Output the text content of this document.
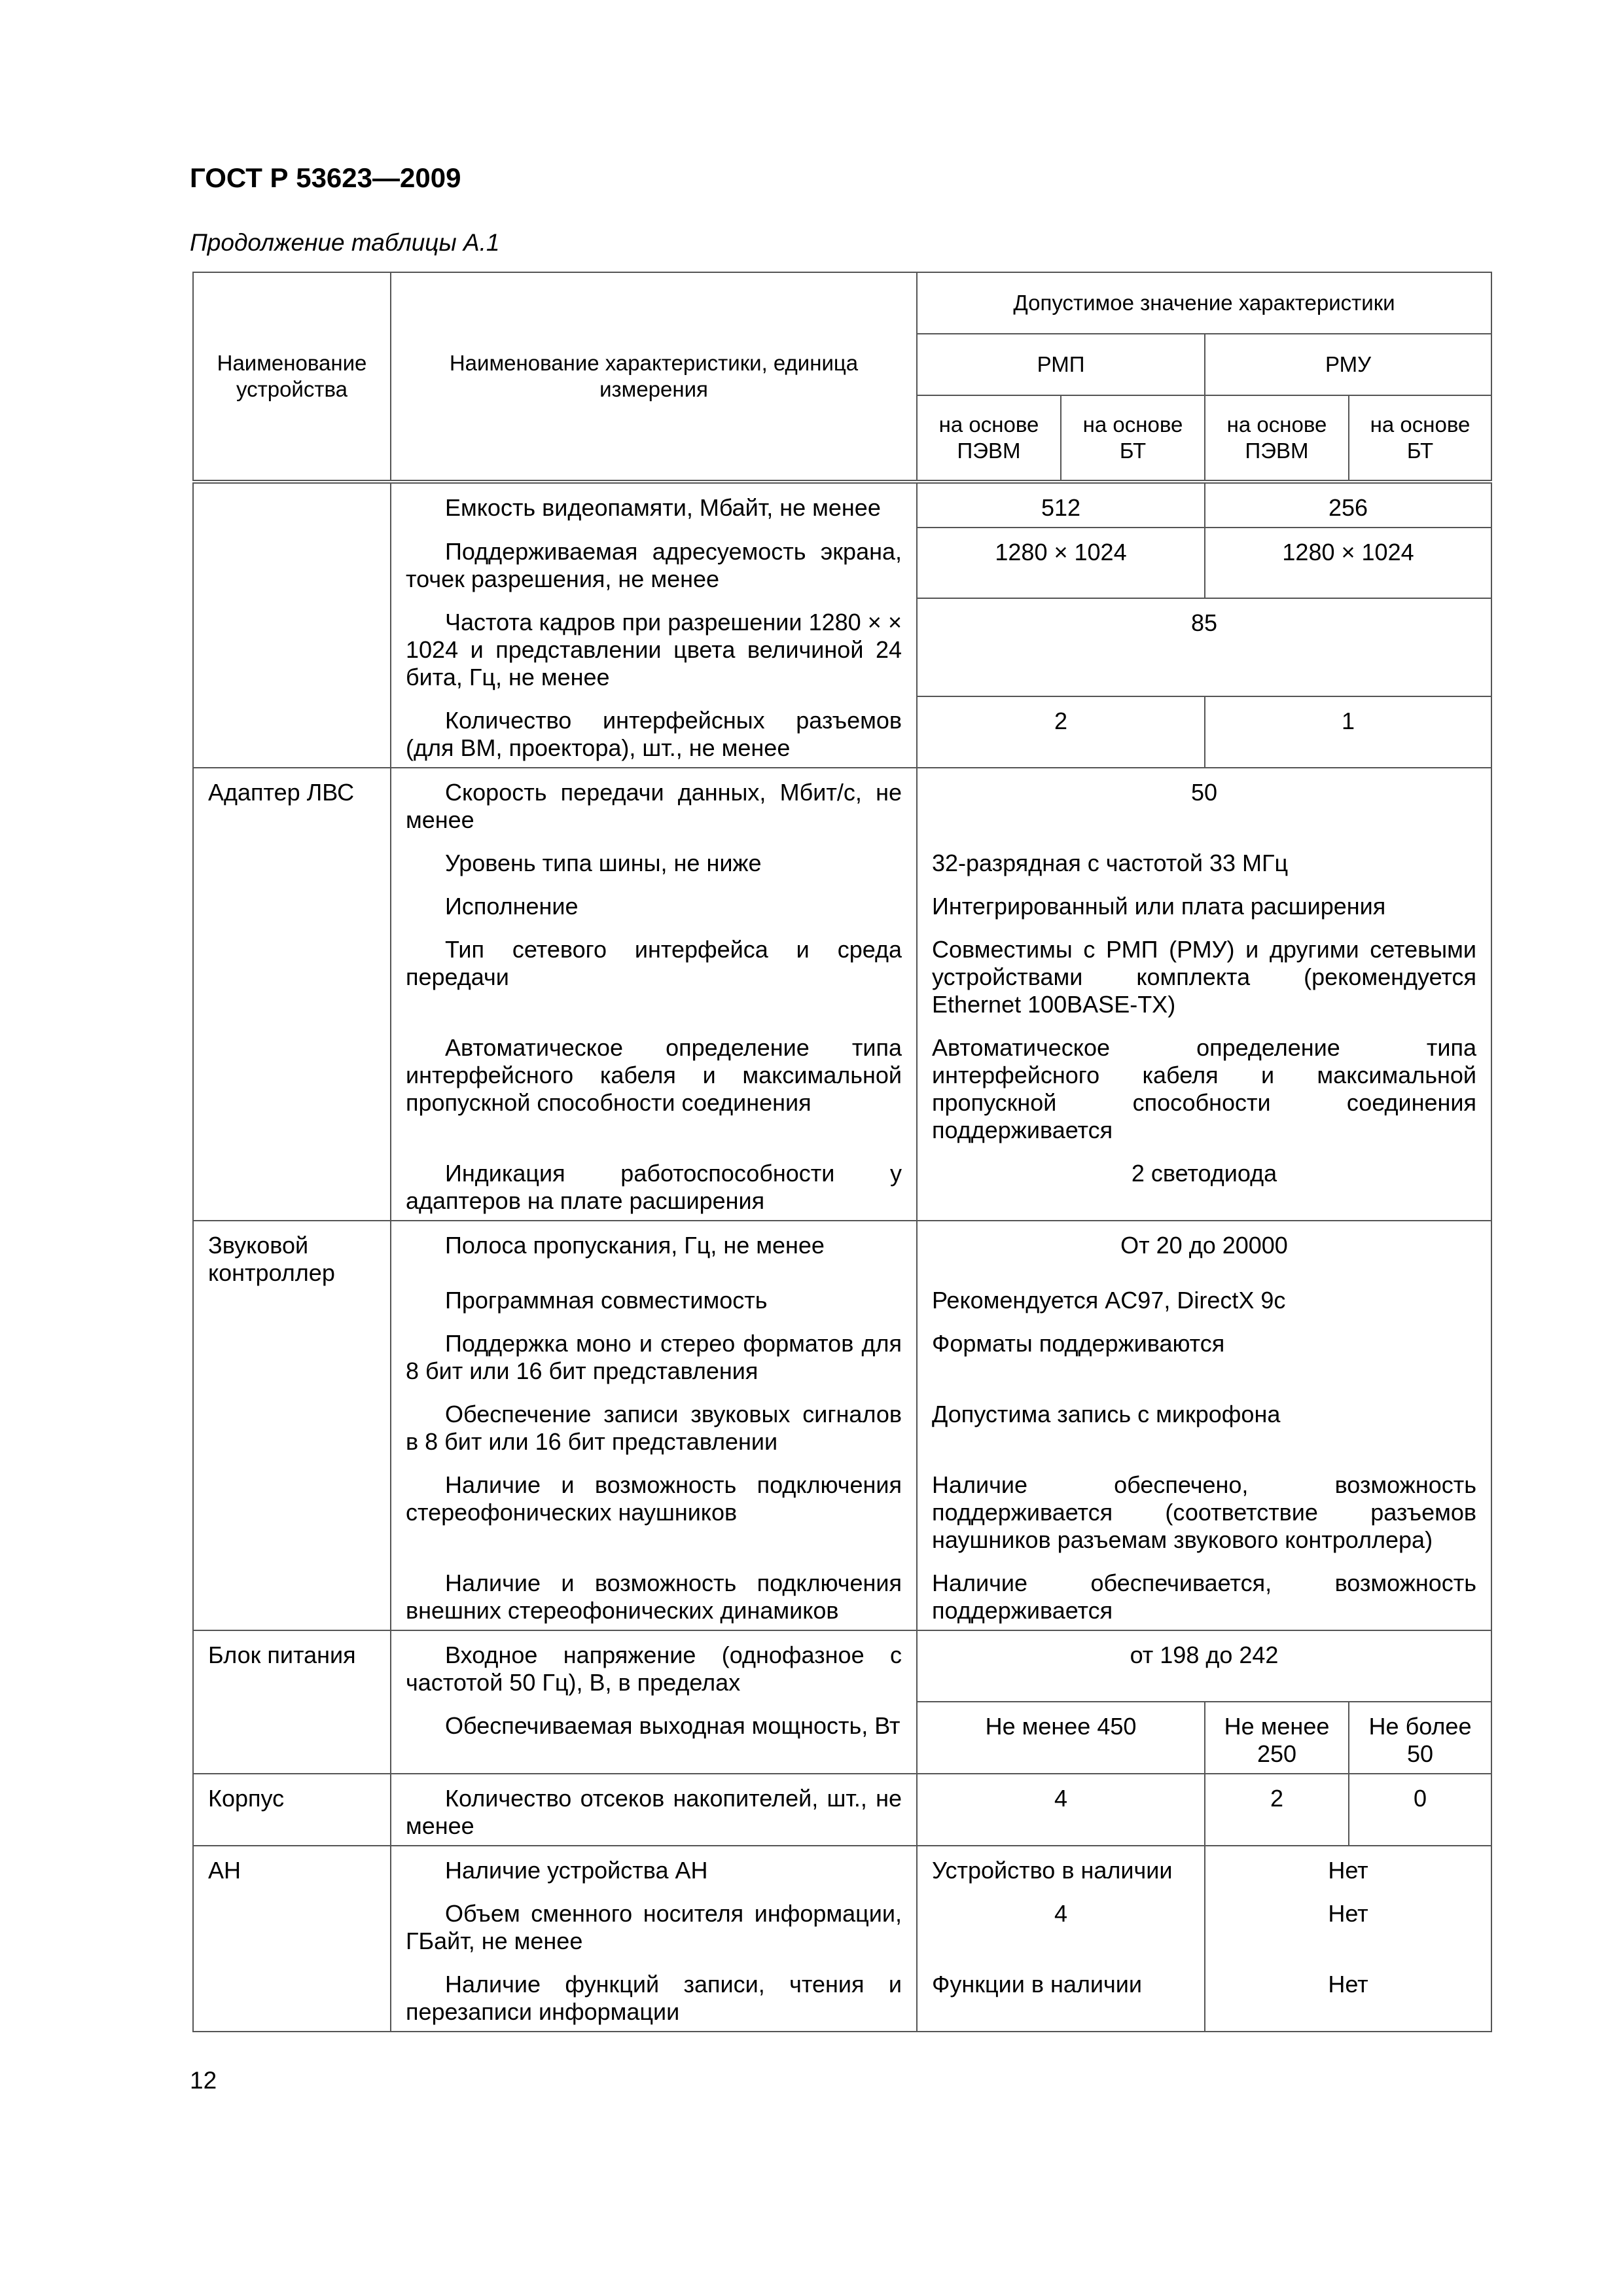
ГОСТ Р 53623—2009
Продолжение таблицы А.1
Наименование устройства	Наименование характеристики, единица измерения	Допустимое значение характеристики			
		РМП		РМУ	
		на основе ПЭВМ	на основе БТ	на основе ПЭВМ	на основе БТ

	Емкость видеопамяти, Мбайт, не менее	512		256	

	Поддерживаемая адресуемость экрана, точек разрешения, не менее	1280 × 1024		1280 × 1024	

	Частота кадров при разрешении 1280 × × 1024 и представлении цвета величиной 24 бита, Гц, не менее	85			

	Количество интерфейсных разъемов (для ВМ, проектора), шт., не менее	2		1	
Адаптер ЛВС	Скорость передачи данных, Мбит/с, не менее	50			

	Уровень типа шины, не ниже	32-разрядная с частотой 33 МГц			

	Исполнение	Интегрированный или плата расширения			

	Тип сетевого интерфейса и среда передачи	Совместимы с РМП (РМУ) и другими сетевыми устройствами комплекта (рекомендуется Ethernet 100BASE-TX)			

	Автоматическое определение типа интерфейсного кабеля и максимальной пропускной способности соединения	Автоматическое определение типа интерфейсного кабеля и максимальной пропускной способности соединения поддерживается			

	Индикация работоспособности у адаптеров на плате расширения	2 светодиода			
Звуковой контроллер	Полоса пропускания, Гц, не менее	От 20 до 20000			

	Программная совместимость	Рекомендуется AC97, DirectX 9c			

	Поддержка моно и стерео форматов для 8 бит или 16 бит представления	Форматы поддерживаются			

	Обеспечение записи звуковых сигналов в 8 бит или 16 бит представлении	Допустима запись с микрофона			

	Наличие и возможность подключения стереофонических наушников	Наличие обеспечено, возможность поддерживается (соответствие разъемов наушников разъемам звукового контроллера)			

	Наличие и возможность подключения внешних стереофонических динамиков	Наличие обеспечивается, возможность поддерживается			
Блок питания	Входное напряжение (однофазное с частотой 50 Гц), В, в пределах	от 198 до 242			

	Обеспечиваемая выходная мощность, Вт	Не менее 450		Не менее 250	Не более 50
Корпус	Количество отсеков накопителей, шт., не менее	4		2	0
АН	Наличие устройства АН	Устройство в наличии		Нет	

	Объем сменного носителя информации, ГБайт, не менее	4		Нет	

	Наличие функций записи, чтения и перезаписи информации	Функции в наличии		Нет	
12
